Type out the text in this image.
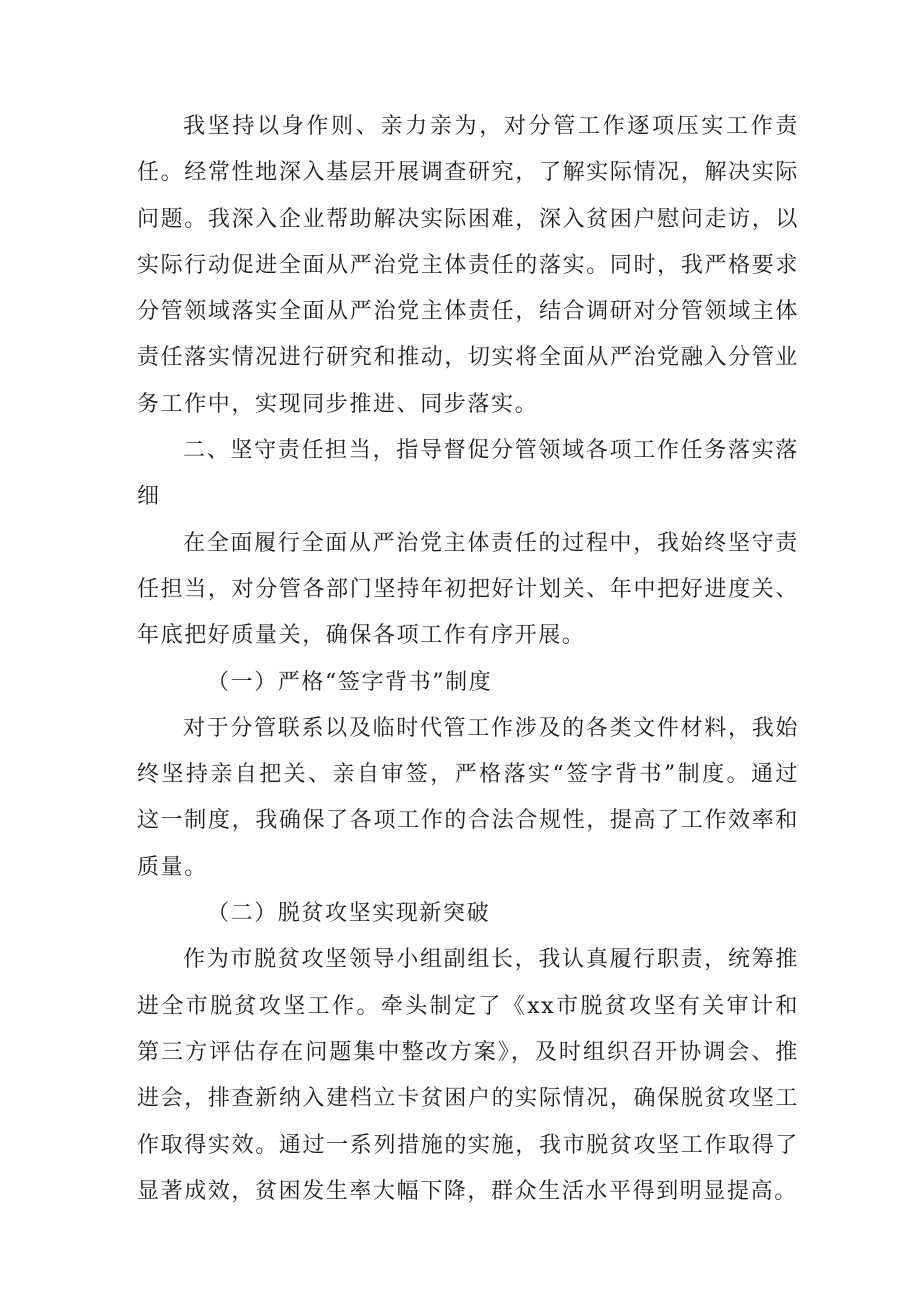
我坚持以身作则、亲力亲为，对分管工作逐项压实工作责任。经常性地深入基层开展调查研究，了解实际情况，解决实际问题。我深入企业帮助解决实际困难，深入贫困户慰问走访，以实际行动促进全面从严治党主体责任的落实。同时，我严格要求分管领域落实全面从严治党主体责任，结合调研对分管领域主体责任落实情况进行研究和推动，切实将全面从严治党融入分管业务工作中，实现同步推进、同步落实。

二、坚守责任担当，指导督促分管领域各项工作任务落实落细

在全面履行全面从严治党主体责任的过程中，我始终坚守责任担当，对分管各部门坚持年初把好计划关、年中把好进度关、年底把好质量关，确保各项工作有序开展。

（一）严格“签字背书”制度

对于分管联系以及临时代管工作涉及的各类文件材料，我始终坚持亲自把关、亲自审签，严格落实“签字背书”制度。通过这一制度，我确保了各项工作的合法合规性，提高了工作效率和质量。

（二）脱贫攻坚实现新突破

作为市脱贫攻坚领导小组副组长，我认真履行职责，统筹推进全市脱贫攻坚工作。牵头制定了《xx市脱贫攻坚有关审计和第三方评估存在问题集中整改方案》，及时组织召开协调会、推进会，排查新纳入建档立卡贫困户的实际情况，确保脱贫攻坚工作取得实效。通过一系列措施的实施，我市脱贫攻坚工作取得了显著成效，贫困发生率大幅下降，群众生活水平得到明显提高。
